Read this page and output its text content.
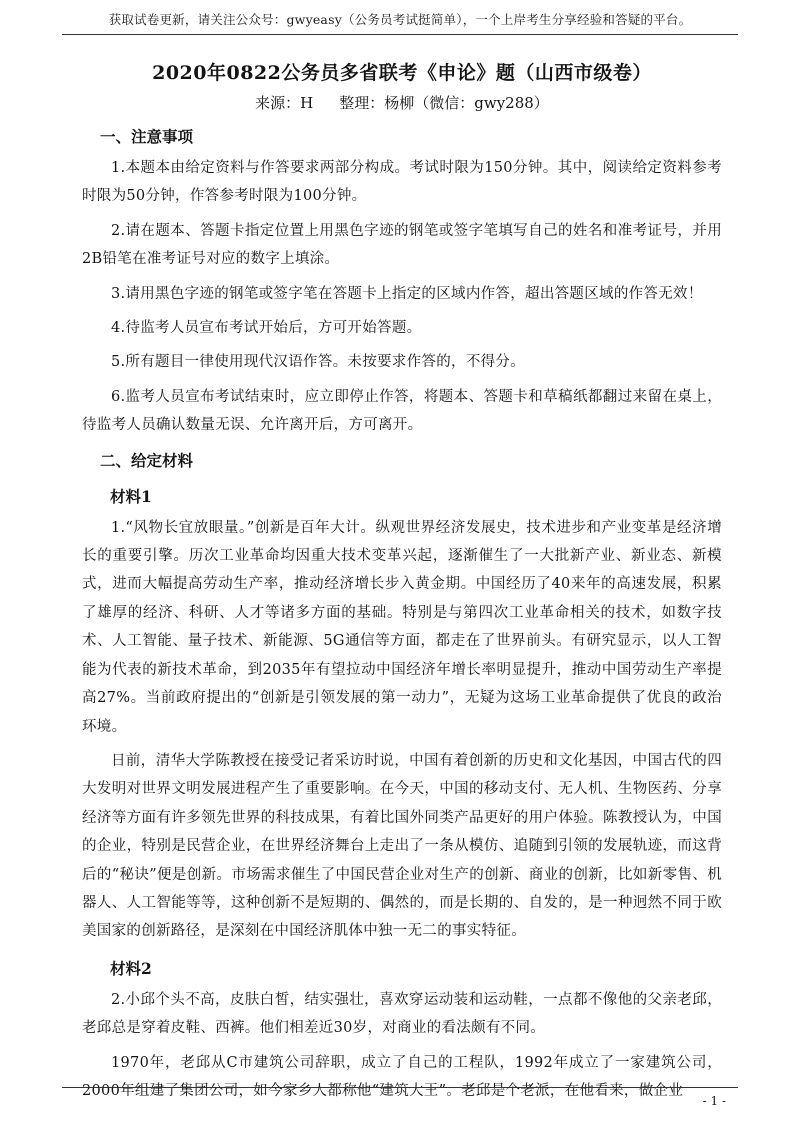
获取试卷更新，请关注公众号：gwyeasy（公务员考试挺简单），一个上岸考生分享经验和答疑的平台。
2020年0822公务员多省联考《申论》题（山西市级卷）
来源：H 整理：杨柳（微信：gwy288）
一、注意事项

1.本题本由给定资料与作答要求两部分构成。考试时限为150分钟。其中，阅读给定资料参考时限为50分钟，作答参考时限为100分钟。

2.请在题本、答题卡指定位置上用黑色字迹的钢笔或签字笔填写自己的姓名和准考证号，并用2B铅笔在准考证号对应的数字上填涂。

3.请用黑色字迹的钢笔或签字笔在答题卡上指定的区域内作答，超出答题区域的作答无效！

4.待监考人员宣布考试开始后，方可开始答题。

5.所有题目一律使用现代汉语作答。未按要求作答的，不得分。

6.监考人员宣布考试结束时，应立即停止作答，将题本、答题卡和草稿纸都翻过来留在桌上，待监考人员确认数量无误、允许离开后，方可离开。

二、给定材料
材料1

1.“风物长宜放眼量。”创新是百年大计。纵观世界经济发展史，技术进步和产业变革是经济增长的重要引擎。历次工业革命均因重大技术变革兴起，逐渐催生了一大批新产业、新业态、新模式，进而大幅提高劳动生产率，推动经济增长步入黄金期。中国经历了40来年的高速发展，积累了雄厚的经济、科研、人才等诸多方面的基础。特别是与第四次工业革命相关的技术，如数字技术、人工智能、量子技术、新能源、5G通信等方面，都走在了世界前头。有研究显示，以人工智能为代表的新技术革命，到2035年有望拉动中国经济年增长率明显提升，推动中国劳动生产率提高27%。当前政府提出的“创新是引领发展的第一动力”，无疑为这场工业革命提供了优良的政治环境。

日前，清华大学陈教授在接受记者采访时说，中国有着创新的历史和文化基因，中国古代的四大发明对世界文明发展进程产生了重要影响。在今天，中国的移动支付、无人机、生物医药、分享经济等方面有许多领先世界的科技成果，有着比国外同类产品更好的用户体验。陈教授认为，中国的企业，特别是民营企业，在世界经济舞台上走出了一条从模仿、追随到引领的发展轨迹，而这背后的“秘诀”便是创新。市场需求催生了中国民营企业对生产的创新、商业的创新，比如新零售、机器人、人工智能等等，这种创新不是短期的、偶然的，而是长期的、自发的，是一种迥然不同于欧美国家的创新路径，是深刻在中国经济肌体中独一无二的事实特征。

材料2

2.小邱个头不高，皮肤白皙，结实强壮，喜欢穿运动装和运动鞋，一点都不像他的父亲老邱，老邱总是穿着皮鞋、西裤。他们相差近30岁，对商业的看法颇有不同。

1970年，老邱从C市建筑公司辞职，成立了自己的工程队，1992年成立了一家建筑公司，2000年组建了集团公司，如今家乡人都称他“建筑大王”。老邱是个老派，在他看来，做企业

- 1 -
